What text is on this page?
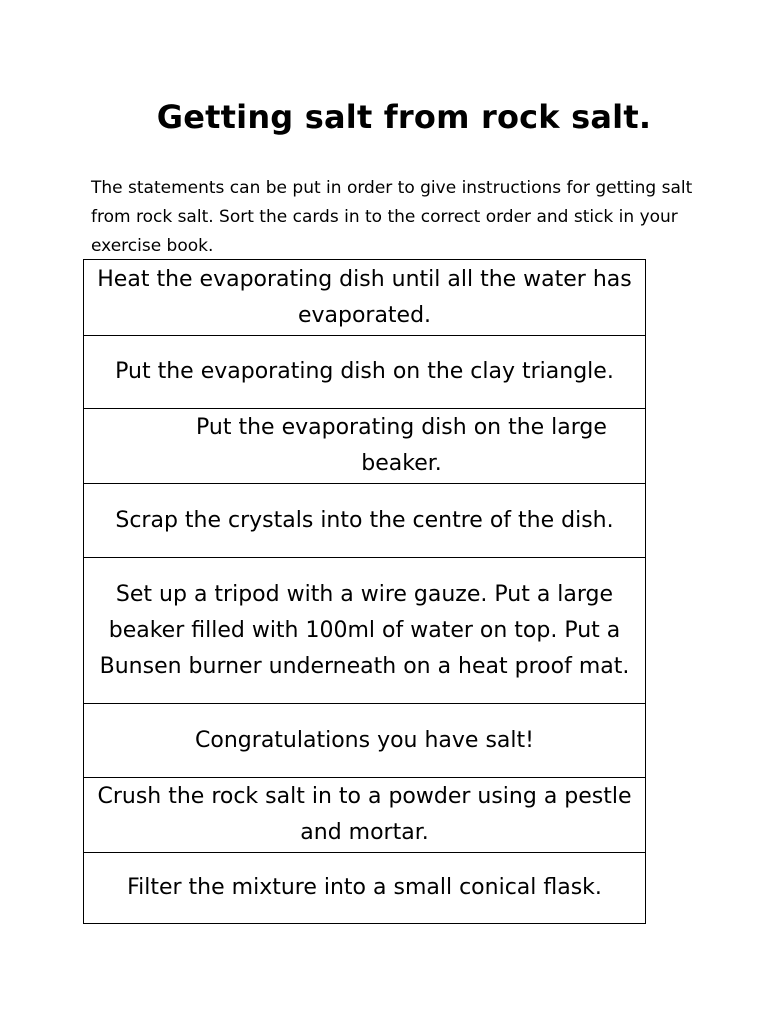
Getting salt from rock salt.

The statements can be put in order to give instructions for getting salt from rock salt. Sort the cards in to the correct order and stick in your exercise book.

Heat the evaporating dish until all the water has evaporated.
Put the evaporating dish on the clay triangle.
Put the evaporating dish on the large beaker.
Scrap the crystals into the centre of the dish.
Set up a tripod with a wire gauze. Put a large beaker filled with 100ml of water on top. Put a Bunsen burner underneath on a heat proof mat.
Congratulations you have salt!
Crush the rock salt in to a powder using a pestle and mortar.
Filter the mixture into a small conical flask.
